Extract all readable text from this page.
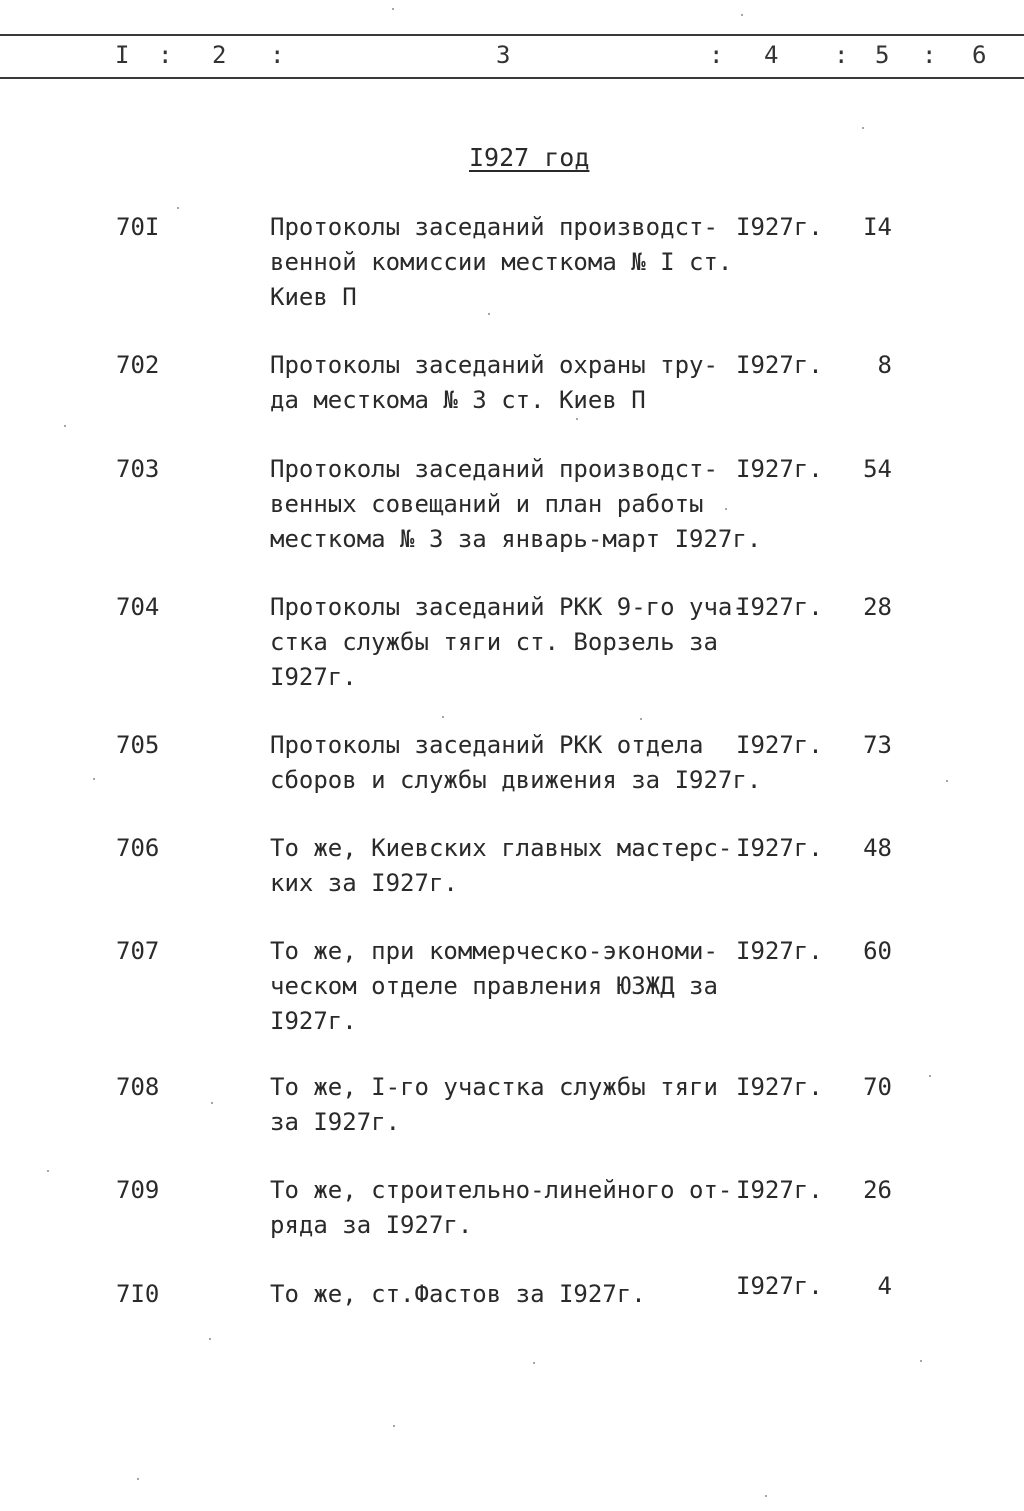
I : 2 :	3	: 4 : 5 : 6
I927 год
70I	Протоколы заседаний производст-
венной комиссии месткома № I ст.
Киев П
I927г. I4
702	Протоколы заседаний охраны тру-
да месткома № 3 ст. Киев П
I927г. 8
703	Протоколы заседаний производст-
венных совещаний и план работы
месткома № 3 за январь-март I927г.
I927г. 54
704	Протоколы заседаний РКК 9-го уча-
стка службы тяги ст. Ворзель за
I927г.
I927г. 28
705	Протоколы заседаний РКК отдела
сборов и службы движения за I927г.
I927г. 73
706	То же, Киевских главных мастерс-
ких за I927г.
I927г. 48
707	То же, при коммерческо-экономи-
ческом отделе правления ЮЗЖД за
I927г.
I927г. 60
708	То же, I-го участка службы тяги
за I927г.
I927г. 70
709	То же, строительно-линейного от-
ряда за I927г.
I927г. 26
7I0	То же, ст.Фастов за I927г.	I927г. 4
